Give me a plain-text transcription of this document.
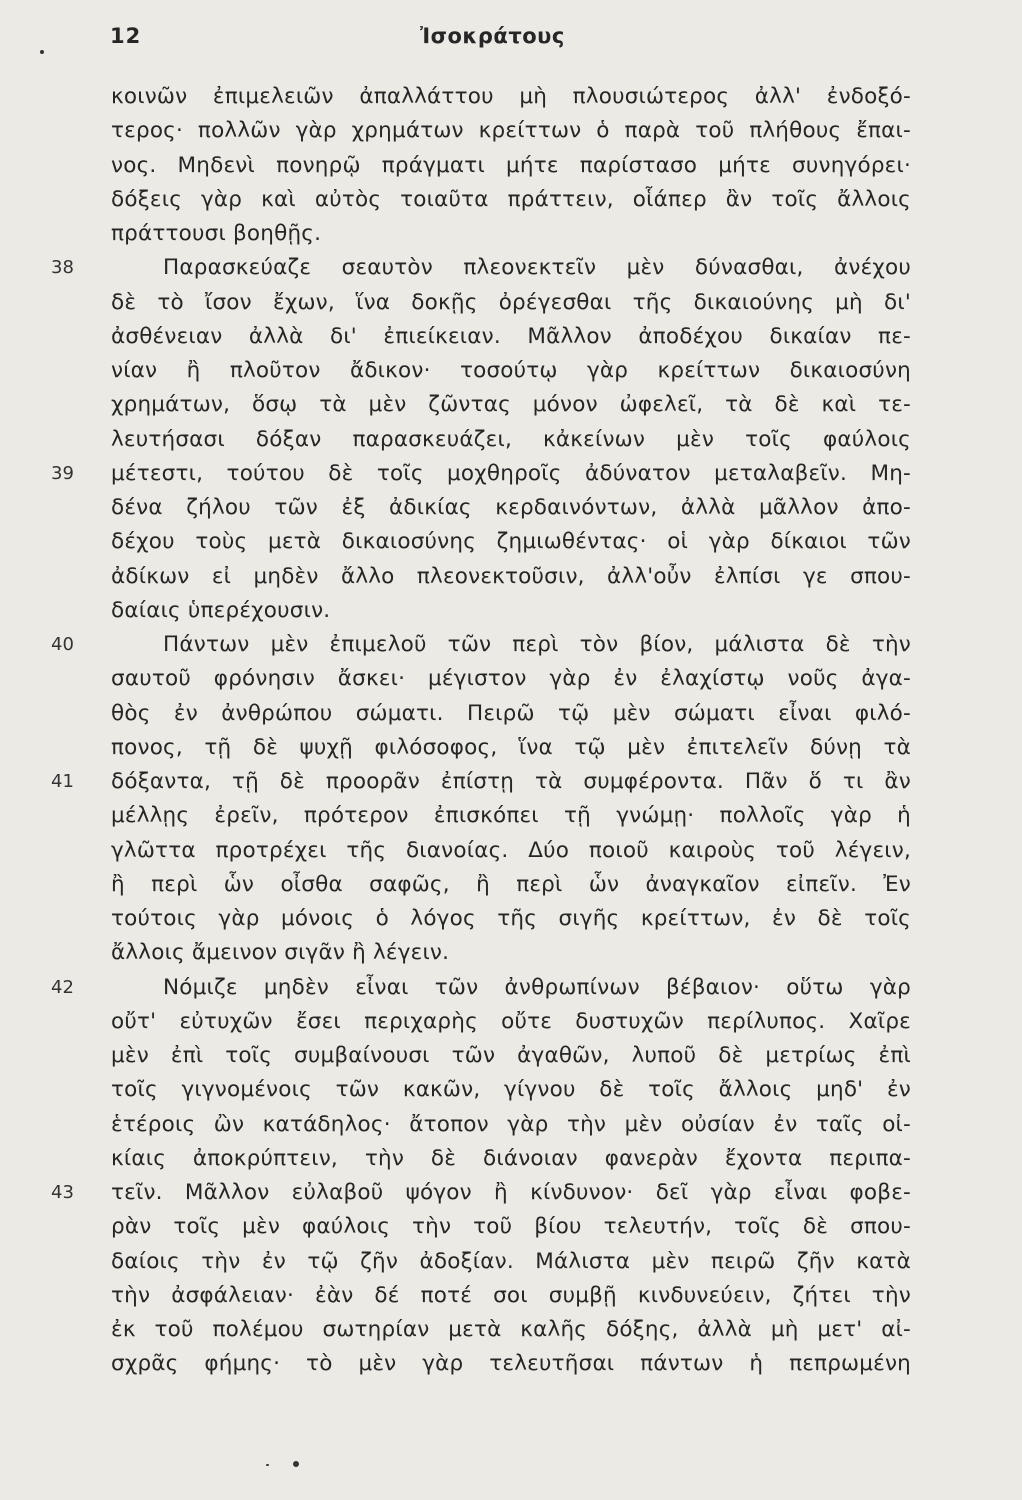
12	Ἰσοκράτους
κοινῶν ἐπιμελειῶν ἀπαλλάττου μὴ πλουσιώτερος ἀλλ' ἐνδοξό-
τερος· πολλῶν γὰρ χρημάτων κρείττων ὁ παρὰ τοῦ πλήθους ἔπαι-
νος. Μηδενὶ πονηρῷ πράγματι μήτε παρίστασο μήτε συνηγόρει·
δόξεις γὰρ καὶ αὐτὸς τοιαῦτα πράττειν, οἷάπερ ἂν τοῖς ἄλλοις
πράττουσι βοηθῇς.
38	Παρασκεύαζε σεαυτὸν πλεονεκτεῖν μὲν δύνασθαι, ἀνέχου
δὲ τὸ ἴσον ἔχων, ἵνα δοκῇς ὀρέγεσθαι τῆς δικαιούνης μὴ δι'
ἀσθένειαν ἀλλὰ δι' ἐπιείκειαν. Μᾶλλον ἀποδέχου δικαίαν πε-
νίαν ἢ πλοῦτον ἄδικον· τοσούτῳ γὰρ κρείττων δικαιοσύνη
χρημάτων, ὅσῳ τὰ μὲν ζῶντας μόνον ὠφελεῖ, τὰ δὲ καὶ τε-
λευτήσασι δόξαν παρασκευάζει, κἀκείνων μὲν τοῖς φαύλοις
39 μέτεστι, τούτου δὲ τοῖς μοχθηροῖς ἀδύνατον μεταλαβεῖν. Μη-
δένα ζήλου τῶν ἐξ ἀδικίας κερδαινόντων, ἀλλὰ μᾶλλον ἀπο-
δέχου τοὺς μετὰ δικαιοσύνης ζημιωθέντας· οἱ γὰρ δίκαιοι τῶν
ἀδίκων εἰ μηδὲν ἄλλο πλεονεκτοῦσιν, ἀλλ'οὖν ἐλπίσι γε σπου-
δαίαις ὑπερέχουσιν.
40	Πάντων μὲν ἐπιμελοῦ τῶν περὶ τὸν βίον, μάλιστα δὲ τὴν
σαυτοῦ φρόνησιν ἄσκει· μέγιστον γὰρ ἐν ἐλαχίστῳ νοῦς ἀγα-
θὸς ἐν ἀνθρώπου σώματι. Πειρῶ τῷ μὲν σώματι εἶναι φιλό-
πονος, τῇ δὲ ψυχῇ φιλόσοφος, ἵνα τῷ μὲν ἐπιτελεῖν δύνῃ τὰ
41 δόξαντα, τῇ δὲ προορᾶν ἐπίστῃ τὰ συμφέροντα. Πᾶν ὅ τι ἂν
μέλλῃς ἐρεῖν, πρότερον ἐπισκόπει τῇ γνώμῃ· πολλοῖς γὰρ ἡ
γλῶττα προτρέχει τῆς διανοίας. Δύο ποιοῦ καιροὺς τοῦ λέγειν,
ἢ περὶ ὧν οἶσθα σαφῶς, ἢ περὶ ὧν ἀναγκαῖον εἰπεῖν. Ἐν
τούτοις γὰρ μόνοις ὁ λόγος τῆς σιγῆς κρείττων, ἐν δὲ τοῖς
ἄλλοις ἄμεινον σιγᾶν ἢ λέγειν.
42	Νόμιζε μηδὲν εἶναι τῶν ἀνθρωπίνων βέβαιον· οὕτω γὰρ
οὔτ' εὐτυχῶν ἔσει περιχαρὴς οὔτε δυστυχῶν περίλυπος. Χαῖρε
μὲν ἐπὶ τοῖς συμβαίνουσι τῶν ἀγαθῶν, λυποῦ δὲ μετρίως ἐπὶ
τοῖς γιγνομένοις τῶν κακῶν, γίγνου δὲ τοῖς ἄλλοις μηδ' ἐν
ἑτέροις ὢν κατάδηλος· ἄτοπον γὰρ τὴν μὲν οὐσίαν ἐν ταῖς οἰ-
κίαις ἀποκρύπτειν, τὴν δὲ διάνοιαν φανερὰν ἔχοντα περιπα-
43 τεῖν. Μᾶλλον εὐλαβοῦ ψόγον ἢ κίνδυνον· δεῖ γὰρ εἶναι φοβε-
ρὰν τοῖς μὲν φαύλοις τὴν τοῦ βίου τελευτήν, τοῖς δὲ σπου-
δαίοις τὴν ἐν τῷ ζῆν ἀδοξίαν. Μάλιστα μὲν πειρῶ ζῆν κατὰ
τὴν ἀσφάλειαν· ἐὰν δέ ποτέ σοι συμβῇ κινδυνεύειν, ζήτει τὴν
ἐκ τοῦ πολέμου σωτηρίαν μετὰ καλῆς δόξης, ἀλλὰ μὴ μετ' αἰ-
σχρᾶς φήμης· τὸ μὲν γὰρ τελευτῆσαι πάντων ἡ πεπρωμένη
